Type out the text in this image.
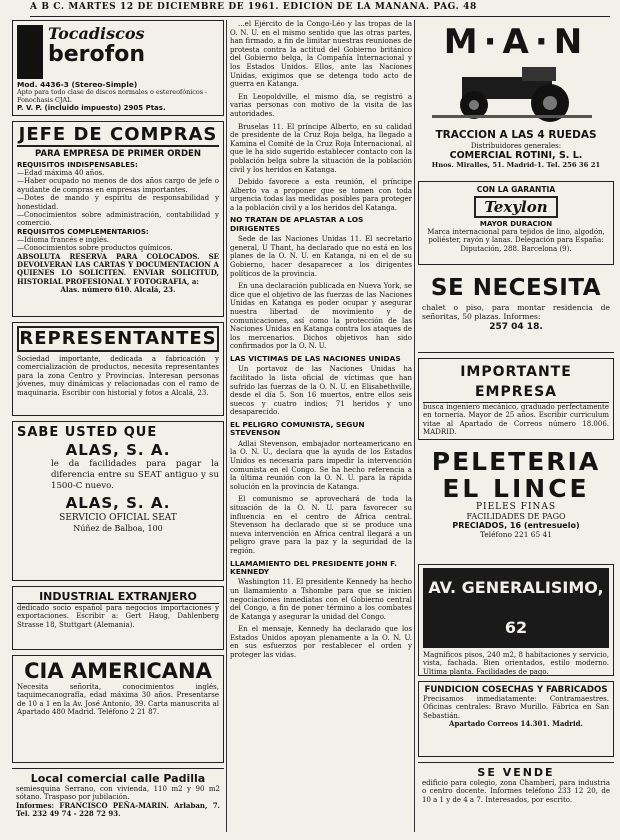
A B C. MARTES 12 DE DICIEMBRE DE 1961. EDICION DE LA MAÑANA. PAG. 48
Tocadiscos
berofon
Mod. 4436-3 (Stereo-Simple)
Apto para todo clase de discos normales o estereofónicos - Fonochasis CJAL
P. V. P. (incluido impuesto) 2905 Ptas.
JEFE DE COMPRAS
PARA EMPRESA DE PRIMER ORDEN
REQUISITOS INDISPENSABLES:
—Edad máxima 40 años.
—Haber ocupado no menos de dos años cargo de jefe o ayudante de compras en empresas importantes.
—Dotes de mando y espíritu de responsabilidad y honestidad.
—Conocimientos sobre administración, contabilidad y comercio.
REQUISITOS COMPLEMENTARIOS:
—Idioma francés e inglés.
—Conocimientos sobre productos químicos.
ABSOLUTA RESERVA PARA COLOCADOS. SE DEVOLVERAN LAS CARTAS Y DOCUMENTACION A QUIENES LO SOLICITEN. ENVIAR SOLICITUD, HISTORIAL PROFESIONAL Y FOTOGRAFIA, a:
Alas. número 610. Alcalá, 23.
REPRESENTANTES
Sociedad importante, dedicada a fabricación y comercialización de productos, necesita representantes para la zona Centro y Provincias. Interesan personas jóvenes, muy dinámicas y relacionadas con el ramo de maquinaria. Escribir con historial y fotos a Alcalá, 23.
SABE USTED QUE
ALAS, S. A.
le da facilidades para pagar la diferencia entre su SEAT antiguo y su 1500-C nuevo.
ALAS, S. A.
SERVICIO OFICIAL SEAT
Núñez de Balboa, 100
INDUSTRIAL EXTRANJERO
dedicado socio español para negocios importaciones y exportaciones. Escribir a: Gert Haug, Dahlenberg Strasse 18, Stuttgart (Alemania).
CIA AMERICANA
Necesita señorita, conocimientos inglés, taquimecanografía, edad máxima 30 años. Presentarse de 10 a 1 en la Av. José Antonio, 39. Carta manuscrita al Apartado 480 Madrid. Teléfono 2 21 87.
Local comercial calle Padilla
semiesquina Serrano, con vivienda, 110 m2 y 90 m2 sótano. Traspaso por jubilación.
Informes: FRANCISCO PEÑA-MARIN. Arlaban, 7. Tel. 232 49 74 - 228 72 93.

...el Ejército de la Congo-Léo y las tropas de la O. N. U. en el mismo sentido que las otras partes, han firmado, a fin de limitar nuestras reuniones de protesta contra la actitud del Gobierno británico del Gobierno belga, la Compañía Internacional y los Estados Unidos. Ellos, ante las Naciones Unidas, exigimos que se detenga todo acto de guerra en Katanga.

En Leopoldville, el mismo día, se registró a varias personas con motivo de la visita de las autoridades.

Bruselas 11. El príncipe Alberto, en su calidad de presidente de la Cruz Roja belga, ha llegado a Kamina el Comité de la Cruz Roja Internacional, al que le ha sido sugerido establecer contacto con la población belga sobre la situación de la población civil y los heridos en Katanga.

Debido favorece a esta reunión, el príncipe Alberto va a proponer que se tomen con toda urgencia todas las medidas posibles para proteger a la población civil y a los heridos del Katanga.

NO TRATAN DE APLASTAR A LOS DIRIGENTES

Sede de las Naciones Unidas 11. El secretario general, U Thant, ha declarado que no está en los planes de la O. N. U. en Katanga, ni en el de su Gobierno, hacer desaparecer a los dirigentes políticos de la provincia.

En una declaración publicada en Nueva York, se dice que el objetivo de las fuerzas de las Naciones Unidas en Katanga es poder ocupar y asegurar nuestra libertad de movimiento y de comunicaciones, así como la protección de las Naciones Unidas en Katanga contra los ataques de los mercenarios. Dichos objetivos han sido confirmados por la O. N. U.

LAS VICTIMAS DE LAS NACIONES UNIDAS

Un portavoz de las Naciones Unidas ha facilitado la lista oficial de víctimas que han sufrido las fuerzas de la O. N. U. en Elisabethville, desde el día 5. Son 16 muertos, entre ellos seis suecos y cuatro indios; 71 heridos y uno desaparecido.

EL PELIGRO COMUNISTA, SEGUN STEVENSON

Adlai Stevenson, embajador norteamericano en la O. N. U., declara que la ayuda de los Estados Unidos es necesaria para impedir la intervención comunista en el Congo. Se ha hecho referencia a la última reunión con la O. N. U. para la rápida solución en la provincia de Katanga.

El comunismo se aprovechará de toda la situación de la O. N. U. para favorecer su influencia en el centro de Africa central. Stevenson ha declarado que si se produce una nueva intervención en Africa central llegará a un peligro grave para la paz y la seguridad de la región.

LLAMAMIENTO DEL PRESIDENTE JOHN F. KENNEDY

Washington 11. El presidente Kennedy ha hecho un llamamiento a Tshombe para que se inicien negociaciones inmediatas con el Gobierno central del Congo, a fin de poner término a los combates de Katanga y asegurar la unidad del Congo.

En el mensaje, Kennedy ha declarado que los Estados Unidos apoyan plenamente a la O. N. U. en sus esfuerzos por restablecer el orden y proteger las vidas.

M·A·N
TRACCION A LAS 4 RUEDAS
Distribuidores generales:
COMERCIAL ROTINI, S. L.
Hnos. Miralles, 51. Madrid-1. Tel. 256 36 21
CON LA GARANTIA
Texylon
MAYOR DURACION
Marca internacional para tejidos de lino, algodón, poliéster, rayón y lanas. Delegación para España: Diputación, 288. Barcelona (9).
SE NECESITA
chalet o piso, para montar residencia de señoritas, 50 plazas. Informes:
257 04 18.
IMPORTANTE EMPRESA
busca ingeniero mecánico, graduado perfectamente en tornería. Mayor de 25 años. Escribir curriculum vitae al Apartado de Correos número 18.006. MADRID.
PELETERIA
EL LINCE
PIELES FINAS
FACILIDADES DE PAGO
PRECIADOS, 16 (entresuelo)
Teléfono 221 65 41
AV. GENERALISIMO, 62
Magníficos pisos, 240 m2, 8 habitaciones y servicio, vista, fachada. Bien orientados, estilo moderno. Ultima planta. Facilidades de pago.
FUNDICION COSECHAS Y FABRICADOS
Precisamos inmediatamente: Contramaestres. Oficinas centrales: Bravo Murillo. Fábrica en San Sebastián.
Apartado Correos 14.301. Madrid.
SE VENDE
edificio para colegio, zona Chamberí, para industria o centro docente. Informes teléfono 233 12 20, de 10 a 1 y de 4 a 7. Interesados, por escrito.
